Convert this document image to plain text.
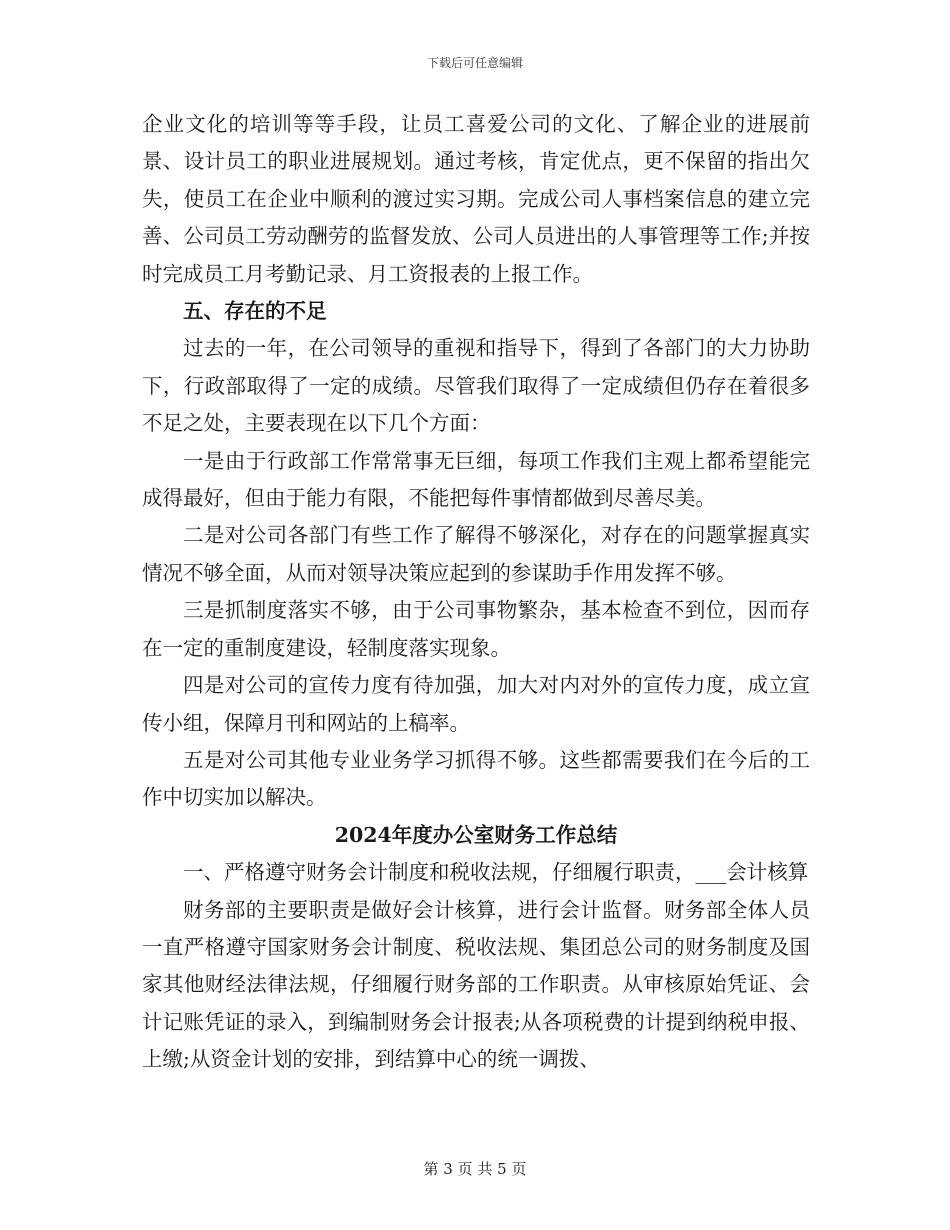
下载后可任意编辑

企业文化的培训等等手段，让员工喜爱公司的文化、了解企业的进展前景、设计员工的职业进展规划。通过考核，肯定优点，更不保留的指出欠失，使员工在企业中顺利的渡过实习期。完成公司人事档案信息的建立完善、公司员工劳动酬劳的监督发放、公司人员进出的人事管理等工作;并按时完成员工月考勤记录、月工资报表的上报工作。

五、存在的不足

过去的一年，在公司领导的重视和指导下，得到了各部门的大力协助下，行政部取得了一定的成绩。尽管我们取得了一定成绩但仍存在着很多不足之处，主要表现在以下几个方面：

一是由于行政部工作常常事无巨细，每项工作我们主观上都希望能完成得最好，但由于能力有限，不能把每件事情都做到尽善尽美。

二是对公司各部门有些工作了解得不够深化，对存在的问题掌握真实情况不够全面，从而对领导决策应起到的参谋助手作用发挥不够。

三是抓制度落实不够，由于公司事物繁杂，基本检查不到位，因而存在一定的重制度建设，轻制度落实现象。

四是对公司的宣传力度有待加强，加大对内对外的宣传力度，成立宣传小组，保障月刊和网站的上稿率。

五是对公司其他专业业务学习抓得不够。这些都需要我们在今后的工作中切实加以解决。

2024年度办公室财务工作总结

一、严格遵守财务会计制度和税收法规，仔细履行职责，___会计核算

财务部的主要职责是做好会计核算，进行会计监督。财务部全体人员一直严格遵守国家财务会计制度、税收法规、集团总公司的财务制度及国家其他财经法律法规，仔细履行财务部的工作职责。从审核原始凭证、会计记账凭证的录入，到编制财务会计报表;从各项税费的计提到纳税申报、上缴;从资金计划的安排，到结算中心的统一调拨、

第 3 页 共 5 页
